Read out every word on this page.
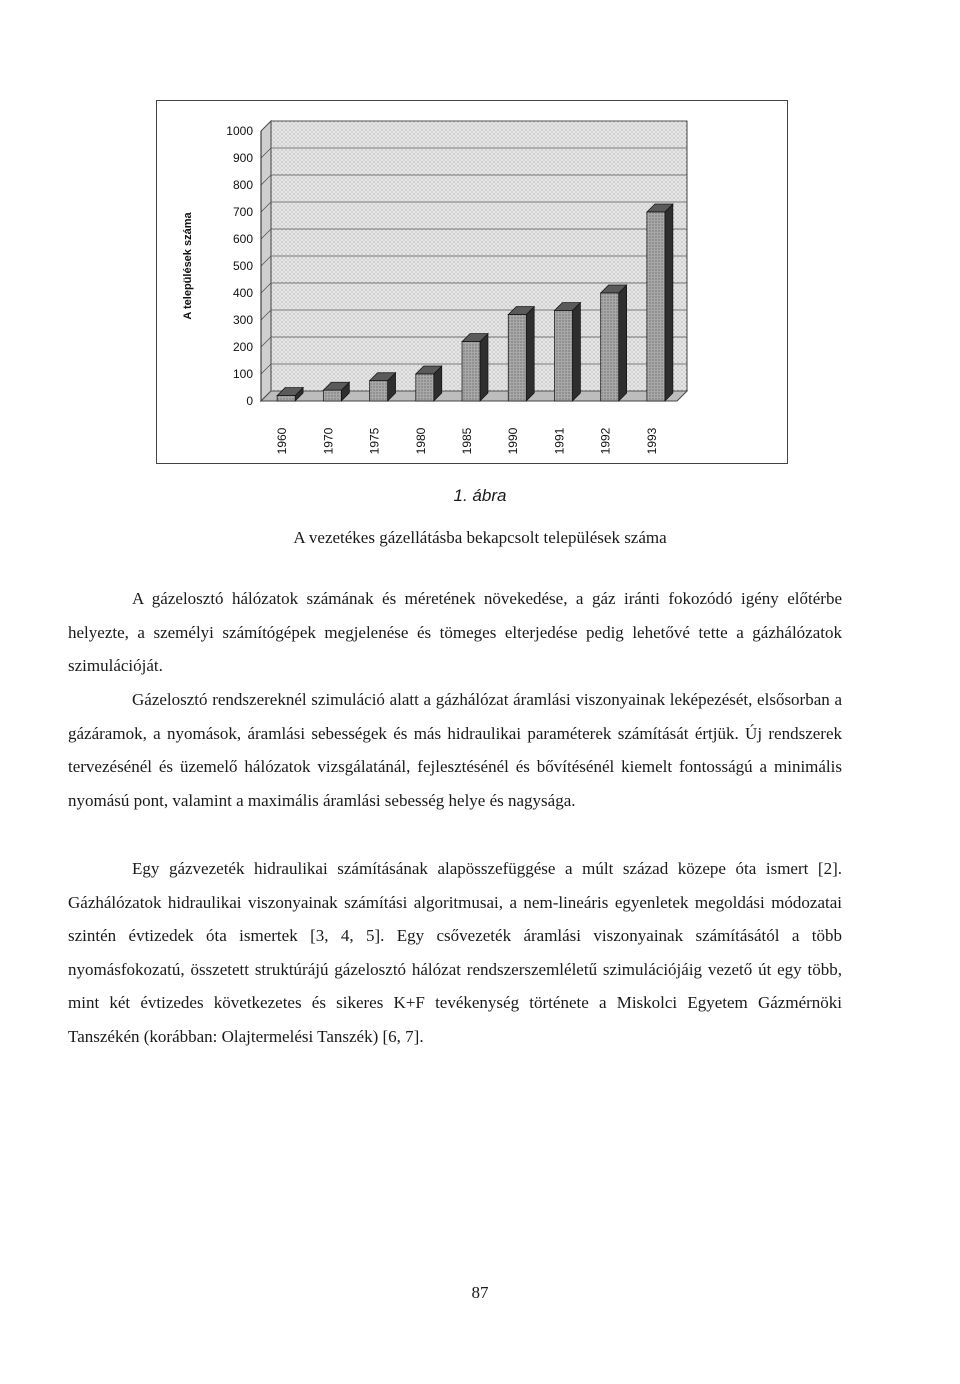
0
100
200
300
400
500
600
700
800
900
1000
A települések száma
1960	1970	1975	1980	1985	1990	1991	1992	1993
1. ábra
A vezetékes gázellátásba bekapcsolt települések száma

A gázelosztó hálózatok számának és méretének növekedése, a gáz iránti fokozódó igény előtérbe helyezte, a személyi számítógépek megjelenése és tömeges elterjedése pedig lehetővé tette a gázhálózatok szimulációját.

Gázelosztó rendszereknél szimuláció alatt a gázhálózat áramlási viszonyainak leképezését, elsősorban a gázáramok, a nyomások, áramlási sebességek és más hidraulikai paraméterek számítását értjük. Új rendszerek tervezésénél és üzemelő hálózatok vizsgálatánál, fejlesztésénél és bővítésénél kiemelt fontosságú a minimális nyomású pont, valamint a maximális áramlási sebesség helye és nagysága.

Egy gázvezeték hidraulikai számításának alapösszefüggése a múlt század közepe óta ismert [2]. Gázhálózatok hidraulikai viszonyainak számítási algoritmusai, a nem-lineáris egyenletek megoldási módozatai szintén évtizedek óta ismertek [3, 4, 5]. Egy csővezeték áramlási viszonyainak számításától a több nyomásfokozatú, összetett struktúrájú gázelosztó hálózat rendszerszemléletű szimulációjáig vezető út egy több, mint két évtizedes következetes és sikeres K+F tevékenység története a Miskolci Egyetem Gázmérnöki Tanszékén (korábban: Olajtermelési Tanszék) [6, 7].

87
